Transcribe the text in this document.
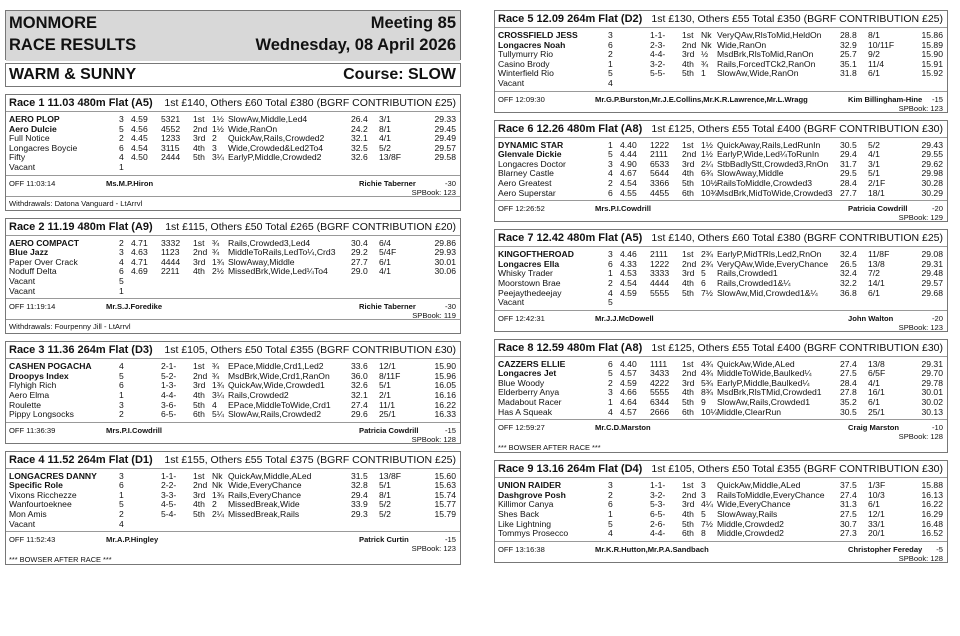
MONMORE	Meeting 85
RACE RESULTS	Wednesday, 08 April 2026
WARM & SUNNY	Course: SLOW
Race 1 11.03 480m Flat (A5) 1st £140, Others £60 Total £380 (BGRF CONTRIBUTION £25)
AERO PLOP	3 4.59 5321 1st 1½ SlowAw,Middle,Led4	26.4 3/1	29.33
Aero Dulcie	5 4.56 4552 2nd 1½ Wide,RanOn	24.2 8/1	29.45
Full Notice	2 4.45 1233 3rd 2 QuickAw,Rails,Crowded2	32.1 4/1	29.49
Longacres Boycie	6 4.54 3115 4th 3 Wide,Crowded&Led2To4	32.5 5/2	29.57
Fifty	4 4.50 2444 5th 3¼ EarlyP,Middle,Crowded2	32.6 13/8F	29.58
Vacant	1
OFF 11:03:14	Ms.M.P.Hiron	Richie Taberner	-30
SPBook: 123
Withdrawals: Datona Vanguard - LtArrvl
Race 2 11.19 480m Flat (A9) 1st £115, Others £50 Total £265 (BGRF CONTRIBUTION £20)
AERO COMPACT	2 4.71 3332 1st ¾ Rails,Crowded3,Led4	30.4 6/4	29.86
Blue Jazz	3 4.63 1123 2nd ¾ MiddleToRails,LedTo¼,Crd3 29.2 5/4F	29.93
Paper Over Crack	4 4.71 4444 3rd 1¾ SlowAway,Middle	27.7 6/1	30.01
Noduff Delta	6 4.69 2211 4th 2½ MissedBrk,Wide,Led¼To4	29.0 4/1	30.06
Vacant	5
Vacant	1
OFF 11:19:14	Mr.S.J.Foredike	Richie Taberner	-30
SPBook: 119
Withdrawals: Fourpenny Jill - LtArrvl
Race 3 11.36 264m Flat (D3) 1st £105, Others £50 Total £355 (BGRF CONTRIBUTION £30)
CASHEN POGACHA	4	2-1- 1st ¾ EPace,Middle,Crd1,Led2	33.6 12/1	15.90
Droopys Index	5	5-2- 2nd ¾ MsdBrk,Wide,Crd1,RanOn 36.0 8/11F	15.96
Flyhigh Rich	6	1-3- 3rd 1¾ QuickAw,Wide,Crowded1	32.6 5/1	16.05
Aero Elma	1	4-4- 4th 3¼ Rails,Crowded2	32.1 2/1	16.16
Roulette	3	3-6- 5th 4 EPace,MiddleToWide,Crd1 27.4 11/1	16.22
Pippy Longsocks	2	6-5- 6th 5¼ SlowAw,Rails,Crowded2	29.6 25/1	16.33
OFF 11:36:39	Mrs.P.I.Cowdrill	Patricia Cowdrill	-15
SPBook: 128
Race 4 11.52 264m Flat (D1) 1st £155, Others £55 Total £375 (BGRF CONTRIBUTION £25)
LONGACRES DANNY	3	1-1- 1st Nk QuickAw,Middle,ALed	31.5 13/8F	15.60
Specific Role	6	2-2- 2nd Nk Wide,EveryChance	32.8 5/1	15.63
Vixons Ricchezze	1	3-3- 3rd 1¾ Rails,EveryChance	29.4 8/1	15.74
Wanfourtoeknee	5	4-5- 4th 2 MissedBreak,Wide	33.9 5/2	15.77
Mon Amis	2	5-4- 5th 2¼ MissedBreak,Rails	29.3 5/2	15.79
Vacant	4
OFF 11:52:43	Mr.A.P.Hingley	Patrick Curtin	-15
SPBook: 123
*** BOWSER AFTER RACE ***
Race 5 12.09 264m Flat (D2) 1st £130, Others £55 Total £350 (BGRF CONTRIBUTION £25)
CROSSFIELD JESS	3	1-1- 1st Nk VeryQAw,RlsToMid,HeldOn 28.8 8/1	15.86
Longacres Noah	6	2-3- 2nd Nk Wide,RanOn	32.9 10/11F	15.89
Tullymurry Rio	2	4-4- 3rd ½ MsdBrk,RlsToMid,RanOn	25.7 9/2	15.90
Casino Brody	1	3-2- 4th ¾ Rails,ForcedTCk2,RanOn	35.1 11/4	15.91
Winterfield Rio	5	5-5- 5th 1 SlowAw,Wide,RanOn	31.8 6/1	15.92
Vacant	4
OFF 12:09:30	Mr.G.P.Burston,Mr.J.E.Collins,Mr.K.R.Lawrence,Mr.L.Wragg	Kim Billingham-Hine -15
SPBook: 123
Race 6 12.26 480m Flat (A8) 1st £125, Others £55 Total £400 (BGRF CONTRIBUTION £30)
DYNAMIC STAR	1 4.40 1222 1st 1½ QuickAway,Rails,LedRunIn 30.5 5/2	29.43
Glenvale Dickie	5 4.44 2111 2nd 1½ EarlyP,Wide,Led¼ToRunIn 29.4 4/1	29.55
Longacres Doctor	3 4.90 6533 3rd 2¼ StbBadlyStt,Crowded3,RnOn 31.7 3/1	29.62
Blarney Castle	4 4.67 5644 4th 6¾ SlowAway,Middle	29.5 5/1	29.98
Aero Greatest	2 4.54 3366 5th 10½ RailsToMiddle,Crowded3	28.4 2/1F	30.28
Aero Superstar	6 4.55 4455 6th 10¾ MsdBrk,MidToWide,Crowded3 27.7 18/1	30.29
OFF 12:26:52	Mrs.P.I.Cowdrill	Patricia Cowdrill	-20
SPBook: 129
Race 7 12.42 480m Flat (A5) 1st £140, Others £60 Total £380 (BGRF CONTRIBUTION £25)
KINGOFTHEROAD	3 4.46 2111 1st 2¾ EarlyP,MidTRls,Led2,RnOn 32.4 11/8F	29.08
Longacres Ella	6 4.33 1222 2nd 2¾ VeryQAw,Wide,EveryChance 26.5 13/8	29.31
Whisky Trader	1 4.53 3333 3rd 5 Rails,Crowded1	32.4 7/2	29.48
Moorstown Brae	2 4.54 4444 4th 6 Rails,Crowded1&¼	32.2 14/1	29.57
Peejaythedeejay	4 4.59 5555 5th 7½ SlowAw,Mid,Crowded1&¼	36.8 6/1	29.68
Vacant	5
OFF 12:42:31	Mr.J.J.McDowell	John Walton	-20
SPBook: 123
Race 8 12.59 480m Flat (A8) 1st £125, Others £55 Total £400 (BGRF CONTRIBUTION £30)
CAZZERS ELLIE	6 4.40 1111 1st 4¾ QuickAw,Wide,ALed	27.4 13/8	29.31
Longacres Jet	5 4.57 3433 2nd 4¾ MiddleToWide,Baulked¼	27.5 6/5F	29.70
Blue Woody	2 4.59 4222 3rd 5¾ EarlyP,Middle,Baulked¼	28.4 4/1	29.78
Elderberry Anya	3 4.66 5555 4th 8¾ MsdBrk,RlsTMid,Crowded1 27.8 16/1	30.01
Madabout Racer	1 4.64 6344 5th 9 SlowAw,Rails,Crowded1	35.2 6/1	30.02
Has A Squeak	4 4.57 2666 6th 10¼ Middle,ClearRun	30.5 25/1	30.13
OFF 12:59:27	Mr.C.D.Marston	Craig Marston	-10
SPBook: 128
*** BOWSER AFTER RACE ***
Race 9 13.16 264m Flat (D4) 1st £105, Others £50 Total £355 (BGRF CONTRIBUTION £30)
UNION RAIDER	3	1-1- 1st 3 QuickAw,Middle,ALed	37.5 1/3F	15.88
Dashgrove Posh	2	3-2- 2nd 3 RailsToMiddle,EveryChance 27.4 10/3	16.13
Killimor Canya	6	5-3- 3rd 4¼ Wide,EveryChance	31.3 6/1	16.22
Shes Back	1	6-5- 4th 5 SlowAway,Rails	27.5 12/1	16.29
Like Lightning	5	2-6- 5th 7½ Middle,Crowded2	30.7 33/1	16.48
Tommys Prosecco	4	4-4- 6th 8 Middle,Crowded2	27.3 20/1	16.52
OFF 13:16:38	Mr.K.R.Hutton,Mr.P.A.Sandbach	Christopher Fereday -5
SPBook: 128
